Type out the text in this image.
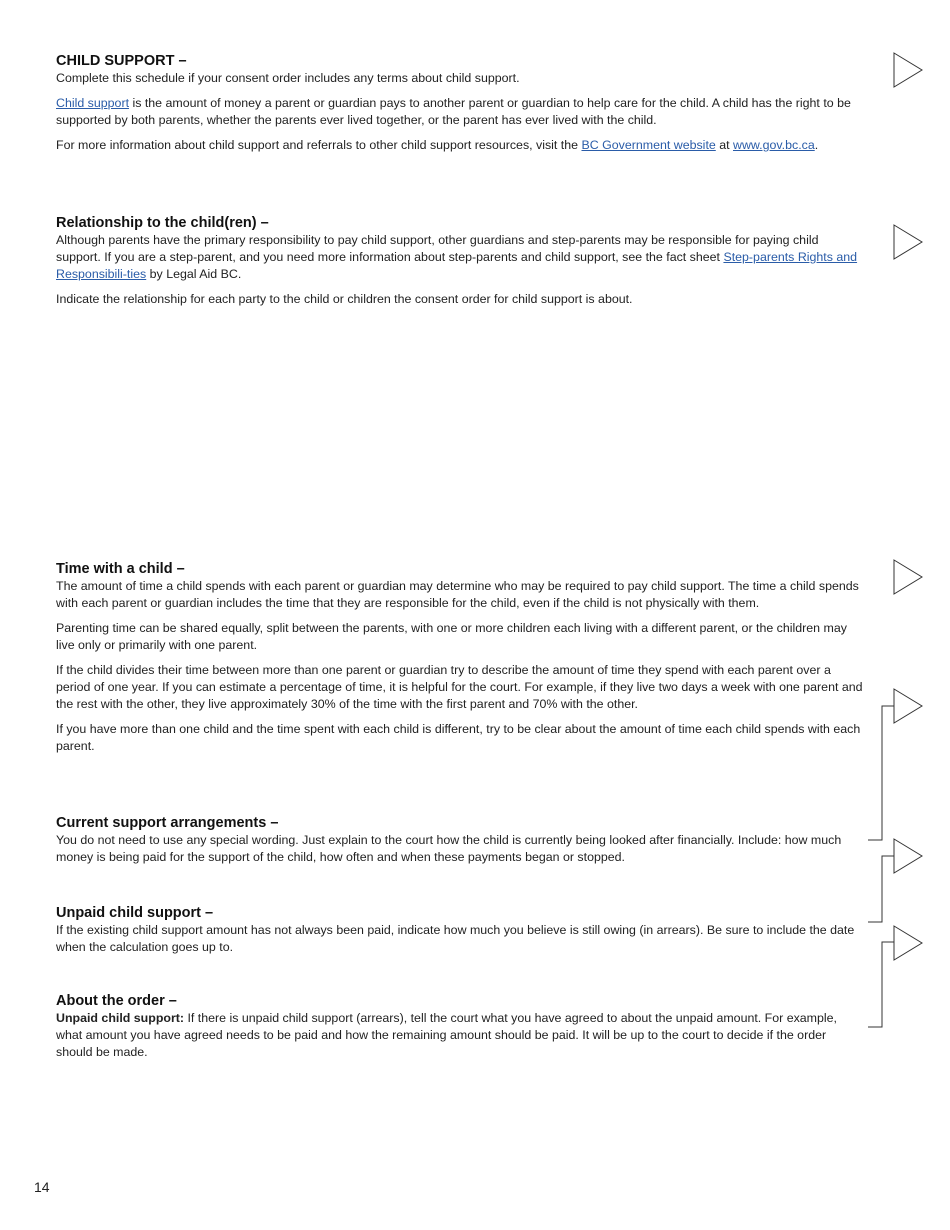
CHILD SUPPORT –

Complete this schedule if your consent order includes any terms about child support.

Child support is the amount of money a parent or guardian pays to another parent or guardian to help care for the child. A child has the right to be supported by both parents, whether the parents ever lived together, or the parent has ever lived with the child.

For more information about child support and referrals to other child support resources, visit the BC Government website at www.gov.bc.ca.

Relationship to the child(ren) –

Although parents have the primary responsibility to pay child support, other guardians and step-parents may be responsible for paying child support. If you are a step-parent, and you need more information about step-parents and child support, see the fact sheet Step-parents Rights and Responsibili-ties by Legal Aid BC.

Indicate the relationship for each party to the child or children the consent order for child support is about.

Time with a child –

The amount of time a child spends with each parent or guardian may determine who may be required to pay child support. The time a child spends with each parent or guardian includes the time that they are responsible for the child, even if the child is not physically with them.

Parenting time can be shared equally, split between the parents, with one or more children each living with a different parent, or the children may live only or primarily with one parent.

If the child divides their time between more than one parent or guardian try to describe the amount of time they spend with each parent over a period of one year. If you can estimate a percentage of time, it is helpful for the court. For example, if they live two days a week with one parent and the rest with the other, they live approximately 30% of the time with the first parent and 70% with the other.

If you have more than one child and the time spent with each child is different, try to be clear about the amount of time each child spends with each parent.

Current support arrangements –

You do not need to use any special wording. Just explain to the court how the child is currently being looked after financially. Include: how much money is being paid for the support of the child, how often and when these payments began or stopped.

Unpaid child support –

If the existing child support amount has not always been paid, indicate how much you believe is still owing (in arrears). Be sure to include the date when the calculation goes up to.

About the order –

Unpaid child support: If there is unpaid child support (arrears), tell the court what you have agreed to about the unpaid amount. For example, what amount you have agreed needs to be paid and how the remaining amount should be paid. It will be up to the court to decide if the order should be made.

14
